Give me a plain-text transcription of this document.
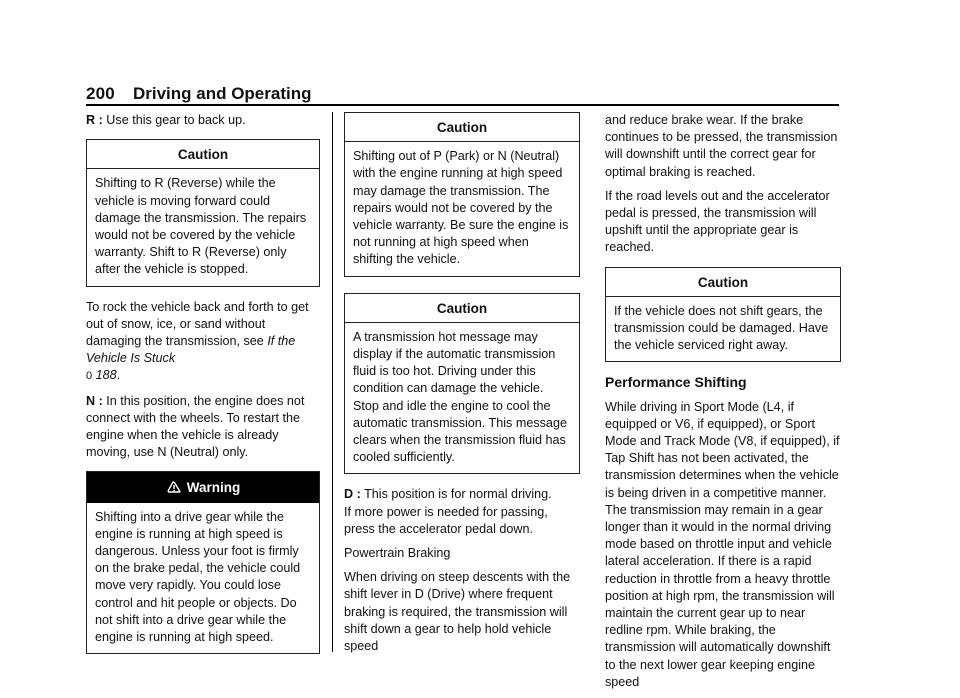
200 Driving and Operating

R : Use this gear to back up.

Caution
Shifting to R (Reverse) while the vehicle is moving forward could damage the transmission. The repairs would not be covered by the vehicle warranty. Shift to R (Reverse) only after the vehicle is stopped.

To rock the vehicle back and forth to get out of snow, ice, or sand without damaging the transmission, see If the Vehicle Is Stuck
0 188.

N : In this position, the engine does not connect with the wheels. To restart the engine when the vehicle is already moving, use N (Neutral) only.

Warning
Shifting into a drive gear while the engine is running at high speed is dangerous. Unless your foot is firmly on the brake pedal, the vehicle could move very rapidly. You could lose control and hit people or objects. Do not shift into a drive gear while the engine is running at high speed.
Caution
Shifting out of P (Park) or N (Neutral) with the engine running at high speed may damage the transmission. The repairs would not be covered by the vehicle warranty. Be sure the engine is not running at high speed when shifting the vehicle.
Caution
A transmission hot message may display if the automatic transmission fluid is too hot. Driving under this condition can damage the vehicle. Stop and idle the engine to cool the automatic transmission. This message clears when the transmission fluid has cooled sufficiently.

D : This position is for normal driving.

If more power is needed for passing, press the accelerator pedal down.

Powertrain Braking

When driving on steep descents with the shift lever in D (Drive) where frequent braking is required, the transmission will shift down a gear to help hold vehicle speed

and reduce brake wear. If the brake continues to be pressed, the transmission will downshift until the correct gear for optimal braking is reached.

If the road levels out and the accelerator pedal is pressed, the transmission will upshift until the appropriate gear is reached.

Caution
If the vehicle does not shift gears, the transmission could be damaged. Have the vehicle serviced right away.
Performance Shifting

While driving in Sport Mode (L4, if equipped or V6, if equipped), or Sport Mode and Track Mode (V8, if equipped), if Tap Shift has not been activated, the transmission determines when the vehicle is being driven in a competitive manner. The transmission may remain in a gear longer than it would in the normal driving mode based on throttle input and vehicle lateral acceleration. If there is a rapid reduction in throttle from a heavy throttle position at high rpm, the transmission will maintain the current gear up to near redline rpm. While braking, the transmission will automatically downshift to the next lower gear keeping engine speed
